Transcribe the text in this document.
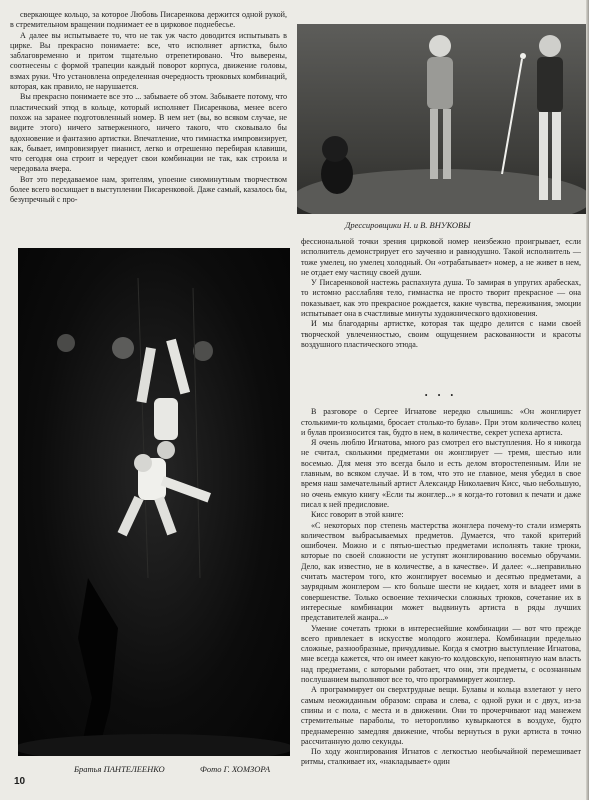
сверкающее кольцо, за которое Любовь Писаренкова держится одной рукой, в стремительном вращении поднимает ее в цирковое поднебесье.

А далее вы испытываете то, что не так уж часто доводится испытывать в цирке. Вы прекрасно понимаете: все, что исполняет артистка, было заблаговременно и притом тщательно отрепетировано. Что выверены, соотнесены с формой трапеции каждый поворот корпуса, движение головы, взмах руки. Что установлена определенная очередность трюковых комбинаций, которая, как правило, не нарушается.

Вы прекрасно понимаете все это ... забываете об этом. Забываете потому, что пластический этюд в кольце, который исполняет Писаренкова, менее всего похож на заранее подготовленный номер. В нем нет (вы, во всяком случае, не видите этого) ничего затверженного, ничего такого, что сковывало бы вдохновение и фантазию артистки. Впечатление, что гимнастка импровизирует, как, бывает, импровизирует пианист, легко и отрешенно перебирая клавиши, что сегодня она строит и чередует свои комбинации не так, как строила и чередовала вчера.

Вот это передаваемое нам, зрителям, упоение сиюминутным творчеством более всего восхищает в выступлении Писаренковой. Даже самый, казалось бы, безупречный с про-

Дрессировщики Н. и В. ВНУКОВЫ

фессиональной точки зрения цирковой номер неизбежно проигрывает, если исполнитель демонстрирует его заученно и равнодушно. Такой исполнитель — тоже умелец, но умелец холодный. Он «отрабатывает» номер, а не живет в нем, не отдает ему частицу своей души.

У Писаренковой настежь распахнута душа. То замирая в упругих арабесках, то истомно расслабляя тело, гимнастка не просто творит прекрасное — она показывает, как это прекрасное рождается, какие чувства, переживания, эмоции испытывает она в счастливые минуты художнического вдохновения.

И мы благодарны артистке, которая так щедро делится с нами своей творческой увлеченностью, своим ощущением раскованности и красоты воздушного пластического этюда.

• • •

В разговоре о Сергее Игнатове нередко слышишь: «Он жонглирует столькими-то кольцами, бросает столько-то булав». При этом количество колец и булав произносится так, будто в нем, в количестве, секрет успеха артиста.

Я очень люблю Игнатова, много раз смотрел его выступления. Но я никогда не считал, сколькими предметами он жонглирует — тремя, шестью или восемью. Для меня это всегда было и есть делом второстепенным. Или не главным, во всяком случае. И в том, что это не главное, меня убедил в свое время наш замечательный артист Александр Николаевич Кисс, чью небольшую, но очень емкую книгу «Если ты жонглер...» я когда-то готовил к печати и даже писал к ней предисловие.

Кисс говорит в этой книге:

«С некоторых пор степень мастерства жонглера почему-то стали измерять количеством выбрасываемых предметов. Думается, что такой критерий ошибочен. Можно и с пятью-шестью предметами исполнять такие трюки, которые по своей сложности не уступят жонглированию восемью обручами. Дело, как известно, не в количестве, а в качестве». И далее: «...неправильно считать мастером того, кто жонглирует восемью и десятью предметами, а заурядным жонглером — кто больше шести не кидает, хотя и владеет ими в совершенстве. Только освоение технически сложных трюков, сочетание их в интересные комбинации может выдвинуть артиста в ряды лучших представителей жанра...»

Умение сочетать трюки в интереснейшие комбинации — вот что прежде всего привлекает в искусстве молодого жонглера. Комбинации предельно сложные, разнообразные, причудливые. Когда я смотрю выступление Игнатова, мне всегда кажется, что он имеет какую-то колдовскую, непонятную нам власть над предметами, с которыми работает, что они, эти предметы, с осознанным послушанием выполняют все то, что программирует жонглер.

А программирует он сверхтрудные вещи. Булавы и кольца взлетают у него самым неожиданным образом: справа и слева, с одной руки и с двух, из-за спины и с пола, с места и в движении. Они то прочерчивают над манежем стремительные параболы, то неторопливо кувыркаются в воздухе, будто преднамеренно замедляя движение, чтобы вернуться в руки артиста в точно рассчитанную долю секунды.

По ходу жонглирования Игнатов с легкостью необычайной перемешивает ритмы, сталкивает их, «накладывает» один

Братья ПАНТЕЛЕЕНКО	Фото Г. ХОМЗОРА
10
